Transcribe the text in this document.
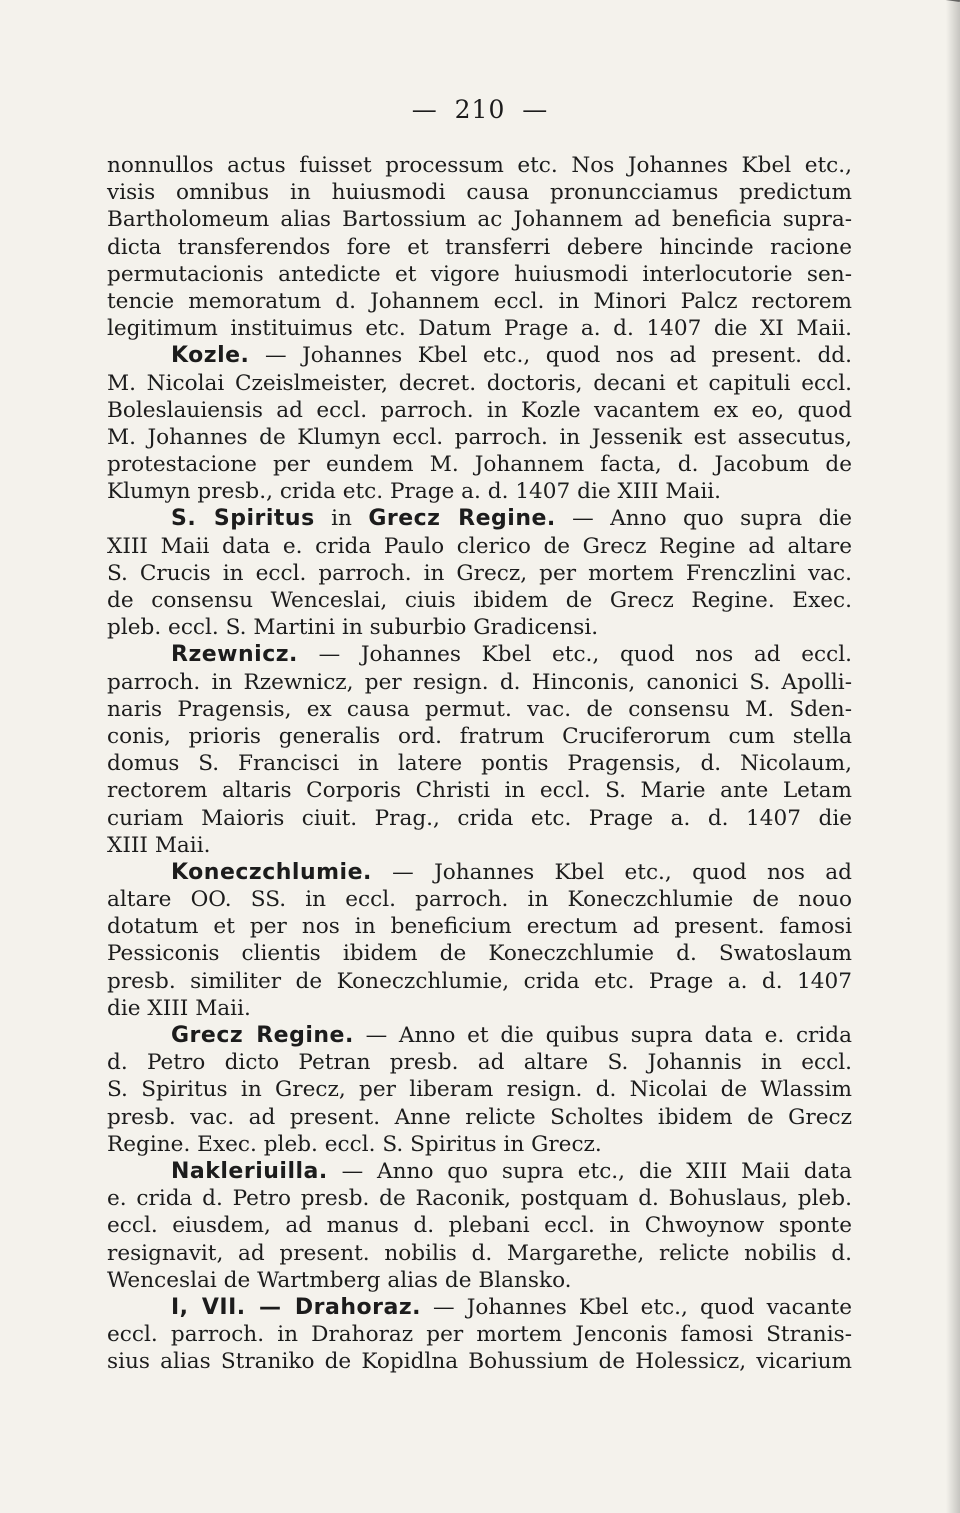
— 210 —
nonnullos actus fuisset processum etc. Nos Johannes Kbel etc.,
visis omnibus in huiusmodi causa pronuncciamus predictum
Bartholomeum alias Bartossium ac Johannem ad beneficia supra-
dicta transferendos fore et transferri debere hincinde racione
permutacionis antedicte et vigore huiusmodi interlocutorie sen-
tencie memoratum d. Johannem eccl. in Minori Palcz rectorem
legitimum instituimus etc. Datum Prage a. d. 1407 die XI Maii.
Kozle. — Johannes Kbel etc., quod nos ad present. dd.
M. Nicolai Czeislmeister, decret. doctoris, decani et capituli eccl.
Boleslauiensis ad eccl. parroch. in Kozle vacantem ex eo, quod
M. Johannes de Klumyn eccl. parroch. in Jessenik est assecutus,
protestacione per eundem M. Johannem facta, d. Jacobum de
Klumyn presb., crida etc. Prage a. d. 1407 die XIII Maii.
S. Spiritus in Grecz Regine. — Anno quo supra die
XIII Maii data e. crida Paulo clerico de Grecz Regine ad altare
S. Crucis in eccl. parroch. in Grecz, per mortem Frenczlini vac.
de consensu Wenceslai, ciuis ibidem de Grecz Regine. Exec.
pleb. eccl. S. Martini in suburbio Gradicensi.
Rzewnicz. — Johannes Kbel etc., quod nos ad eccl.
parroch. in Rzewnicz, per resign. d. Hinconis, canonici S. Apolli-
naris Pragensis, ex causa permut. vac. de consensu M. Sden-
conis, prioris generalis ord. fratrum Cruciferorum cum stella
domus S. Francisci in latere pontis Pragensis, d. Nicolaum,
rectorem altaris Corporis Christi in eccl. S. Marie ante Letam
curiam Maioris ciuit. Prag., crida etc. Prage a. d. 1407 die
XIII Maii.
Koneczchlumie. — Johannes Kbel etc., quod nos ad
altare OO. SS. in eccl. parroch. in Koneczchlumie de nouo
dotatum et per nos in beneficium erectum ad present. famosi
Pessiconis clientis ibidem de Koneczchlumie d. Swatoslaum
presb. similiter de Koneczchlumie, crida etc. Prage a. d. 1407
die XIII Maii.
Grecz Regine. — Anno et die quibus supra data e. crida
d. Petro dicto Petran presb. ad altare S. Johannis in eccl.
S. Spiritus in Grecz, per liberam resign. d. Nicolai de Wlassim
presb. vac. ad present. Anne relicte Scholtes ibidem de Grecz
Regine. Exec. pleb. eccl. S. Spiritus in Grecz.
Nakleriuilla. — Anno quo supra etc., die XIII Maii data
e. crida d. Petro presb. de Raconik, postquam d. Bohuslaus, pleb.
eccl. eiusdem, ad manus d. plebani eccl. in Chwoynow sponte
resignavit, ad present. nobilis d. Margarethe, relicte nobilis d.
Wenceslai de Wartmberg alias de Blansko.
I, VII. — Drahoraz. — Johannes Kbel etc., quod vacante
eccl. parroch. in Drahoraz per mortem Jenconis famosi Stranis-
sius alias Straniko de Kopidlna Bohussium de Holessicz, vicarium
